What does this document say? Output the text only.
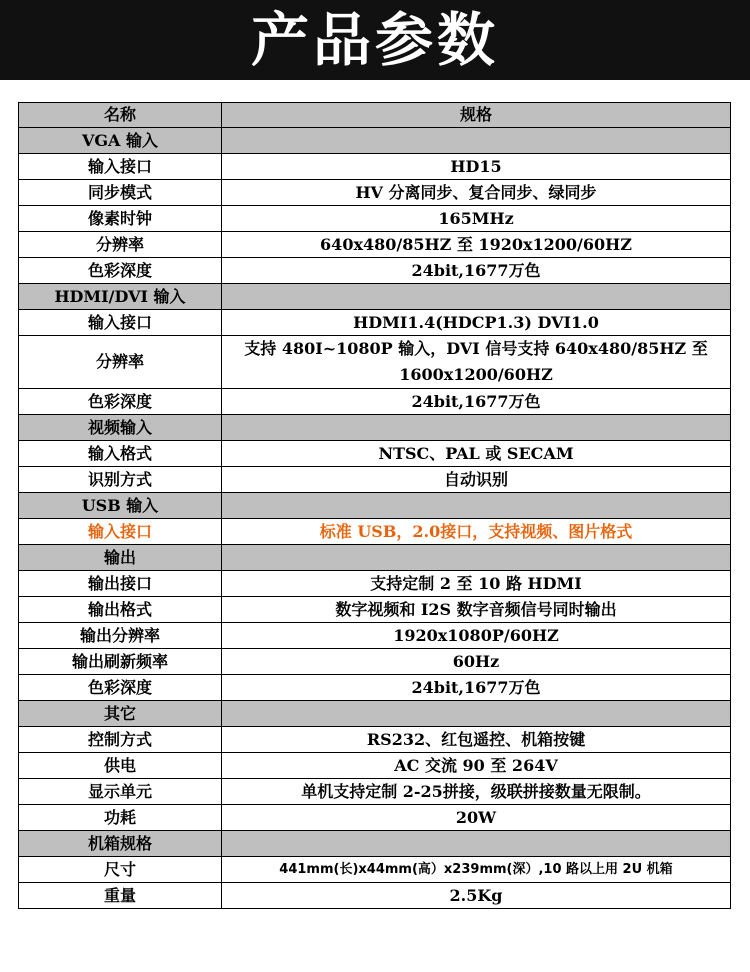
产品参数
名称	规格
VGA 输入	
输入接口	HD15
同步模式	HV 分离同步、复合同步、绿同步
像素时钟	165MHz
分辨率	640x480/85HZ 至 1920x1200/60HZ
色彩深度	24bit,1677万色
HDMI/DVI 输入	
输入接口	HDMI1.4(HDCP1.3) DVI1.0
分辨率	支持 480I~1080P 输入，DVI 信号支持 640x480/85HZ 至
1600x1200/60HZ

色彩深度	24bit,1677万色
视频输入	
输入格式	NTSC、PAL 或 SECAM
识别方式	自动识别
USB 输入	
输入接口	标准 USB，2.0接口，支持视频、图片格式
输出	
输出接口	支持定制 2 至 10 路 HDMI
输出格式	数字视频和 I2S 数字音频信号同时输出
输出分辨率	1920x1080P/60HZ
输出刷新频率	60Hz
色彩深度	24bit,1677万色
其它	
控制方式	RS232、红包遥控、机箱按键
供电	AC 交流 90 至 264V
显示单元	单机支持定制 2-25拼接，级联拼接数量无限制。
功耗	20W
机箱规格	
尺寸	441mm(长)x44mm(高）x239mm(深）,10 路以上用 2U 机箱
重量	2.5Kg
